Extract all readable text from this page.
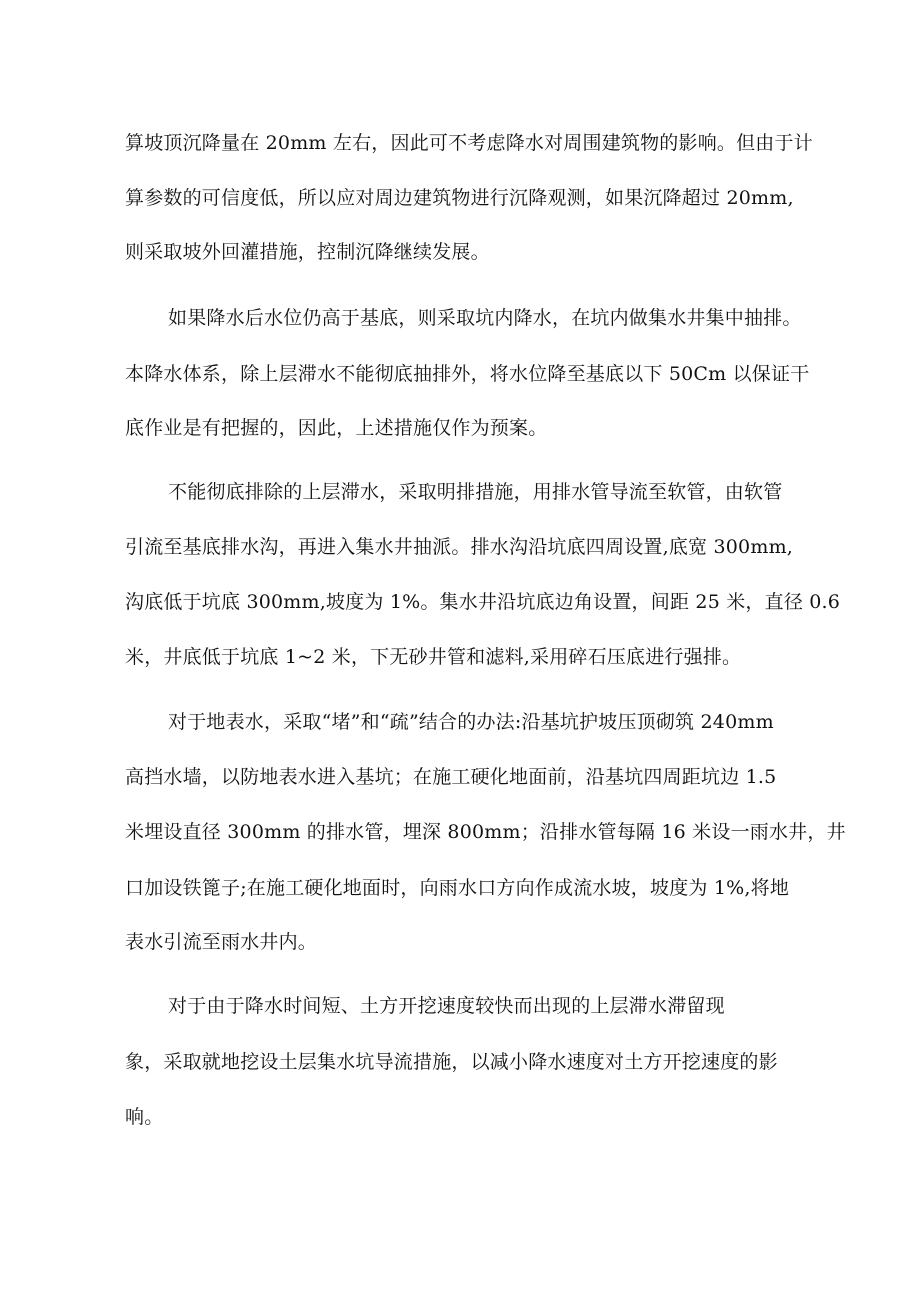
算坡顶沉降量在 20mm 左右，因此可不考虑降水对周围建筑物的影响。但由于计
算参数的可信度低，所以应对周边建筑物进行沉降观测，如果沉降超过 20mm,
则采取坡外回灌措施，控制沉降继续发展。
如果降水后水位仍高于基底，则采取坑内降水，在坑内做集水井集中抽排。
本降水体系，除上层滞水不能彻底抽排外，将水位降至基底以下 50Cm 以保证干
底作业是有把握的，因此，上述措施仅作为预案。
不能彻底排除的上层滞水，采取明排措施，用排水管导流至软管，由软管
引流至基底排水沟，再进入集水井抽派。排水沟沿坑底四周设置,底宽 300mm,
沟底低于坑底 300mm,坡度为 1%。集水井沿坑底边角设置，间距 25 米，直径 0.6
米，井底低于坑底 1~2 米，下无砂井管和滤料,采用碎石压底进行强排。
对于地表水，采取“堵”和“疏”结合的办法:沿基坑护坡压顶砌筑 240mm
高挡水墙，以防地表水进入基坑；在施工硬化地面前，沿基坑四周距坑边 1.5
米埋设直径 300mm 的排水管，埋深 800mm；沿排水管每隔 16 米设一雨水井，井
口加设铁篦子;在施工硬化地面时，向雨水口方向作成流水坡，坡度为 1%,将地
表水引流至雨水井内。
对于由于降水时间短、土方开挖速度较快而出现的上层滞水滞留现
象，采取就地挖设土层集水坑导流措施，以减小降水速度对土方开挖速度的影
响。
